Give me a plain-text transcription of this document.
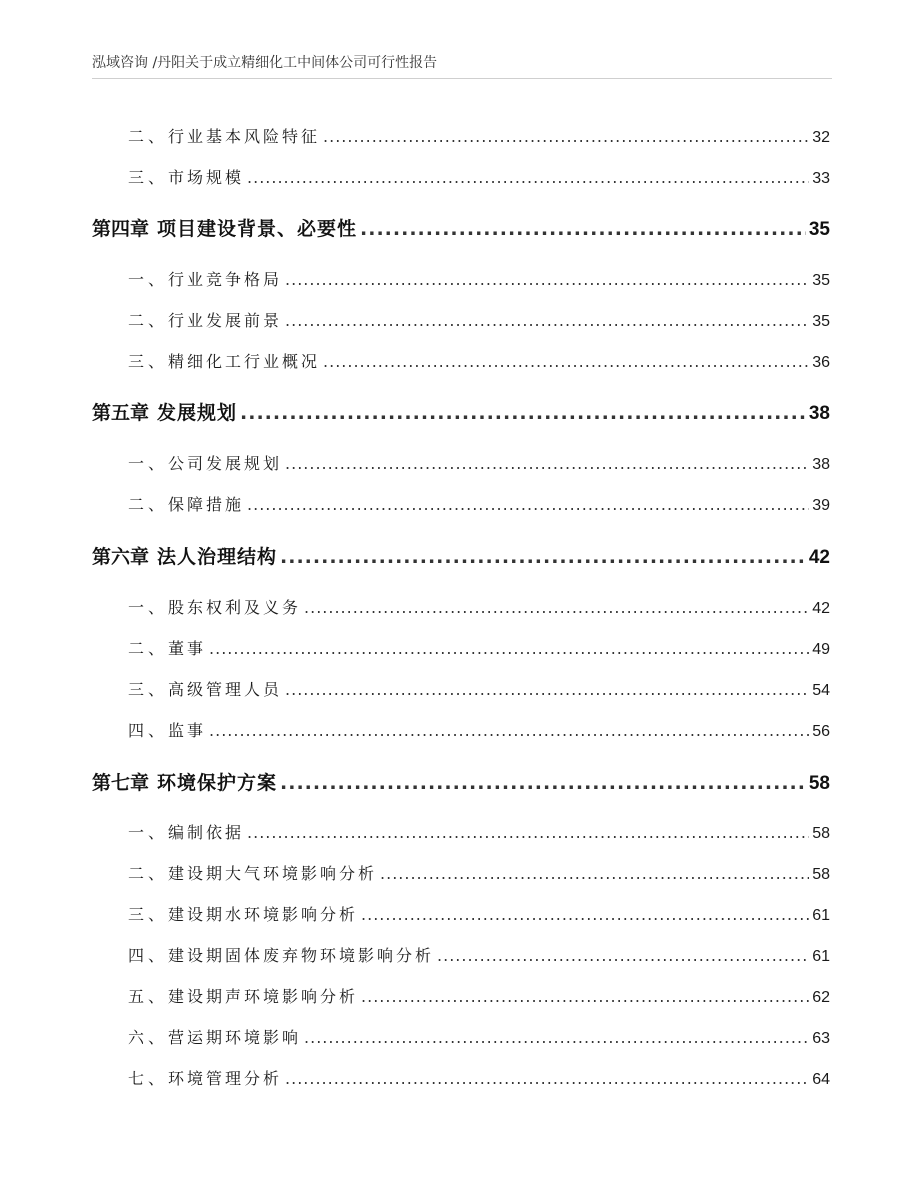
泓域咨询 /丹阳关于成立精细化工中间体公司可行性报告
二、 行业基本风险特征 .....	32
三、 市场规模 .....	33
第四章 项目建设背景、必要性 .....	35
一、 行业竞争格局 .....	35
二、 行业发展前景 .....	35
三、 精细化工行业概况 .....	36
第五章 发展规划 .....	38
一、 公司发展规划 .....	38
二、 保障措施 .....	39
第六章 法人治理结构 .....	42
一、 股东权利及义务 .....	42
二、 董事 .....	49
三、 高级管理人员 .....	54
四、 监事 .....	56
第七章 环境保护方案 .....	58
一、 编制依据 .....	58
二、 建设期大气环境影响分析 .....	58
三、 建设期水环境影响分析 .....	61
四、 建设期固体废弃物环境影响分析 .....	61
五、 建设期声环境影响分析 .....	62
六、 营运期环境影响 .....	63
七、 环境管理分析 .....	64
